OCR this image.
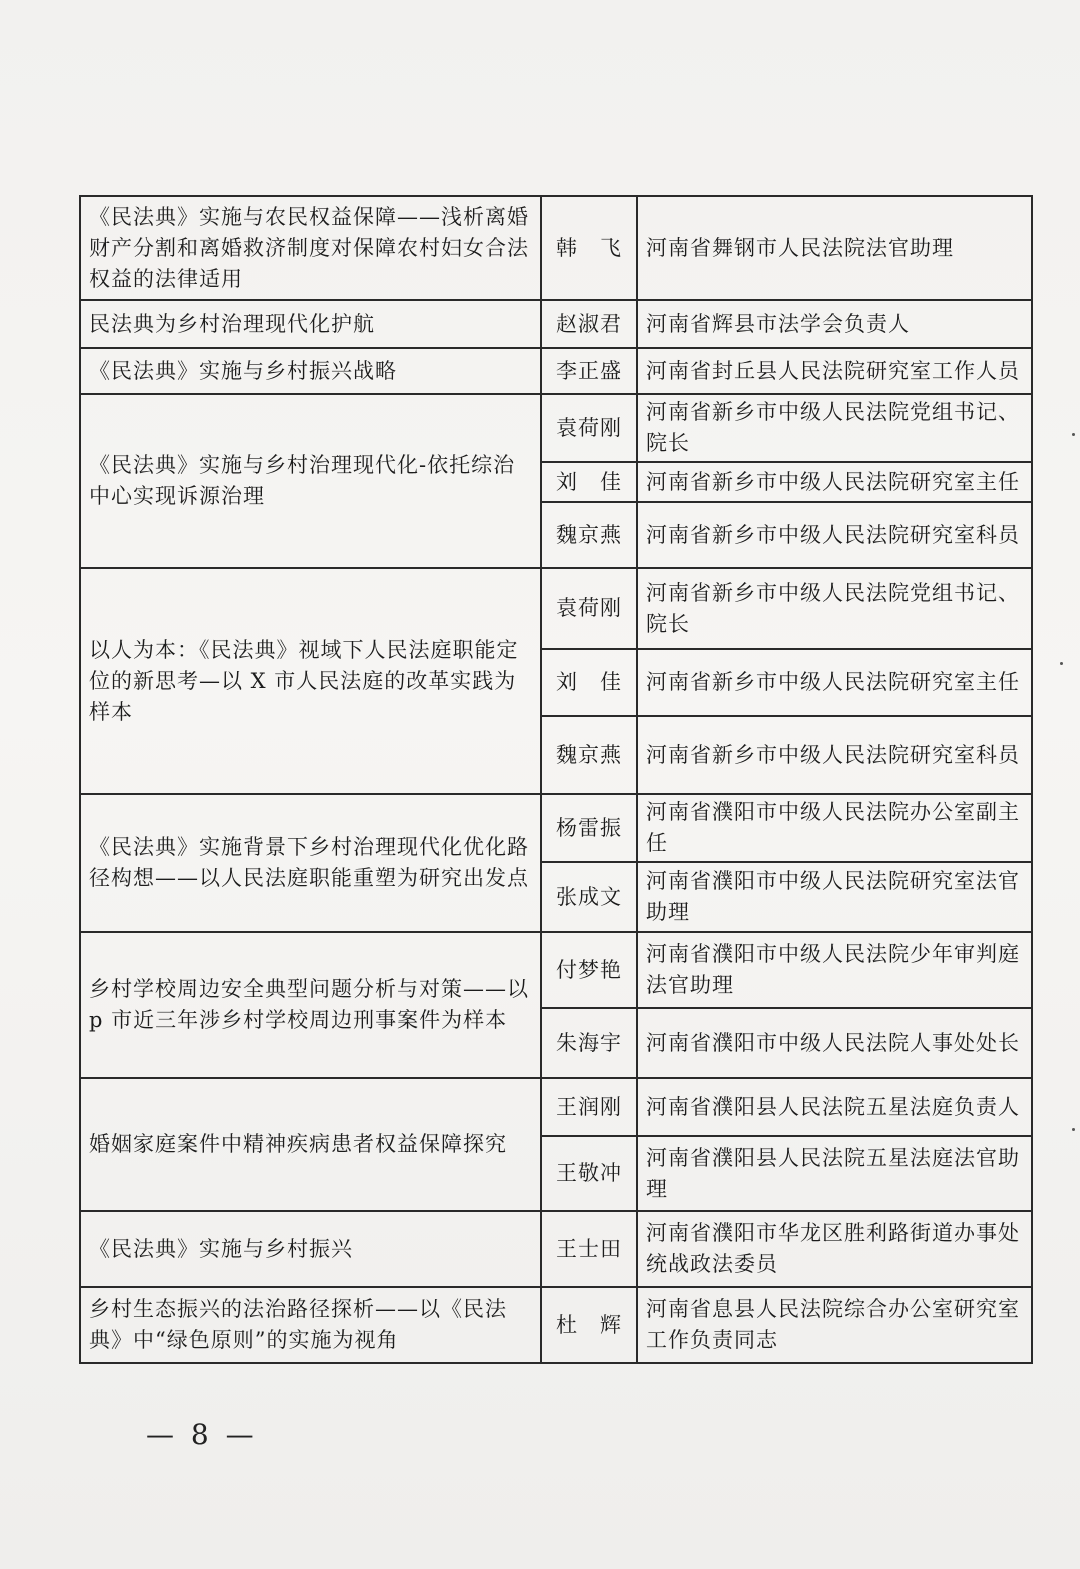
《民法典》实施与农民权益保障——浅析离婚财产分割和离婚救济制度对保障农村妇女合法权益的法律适用	韩　飞	河南省舞钢市人民法院法官助理
民法典为乡村治理现代化护航	赵淑君	河南省辉县市法学会负责人
《民法典》实施与乡村振兴战略	李正盛	河南省封丘县人民法院研究室工作人员
《民法典》实施与乡村治理现代化-依托综治中心实现诉源治理	袁荷刚	河南省新乡市中级人民法院党组书记、院长
	刘　佳	河南省新乡市中级人民法院研究室主任
	魏京燕	河南省新乡市中级人民法院研究室科员
以人为本：《民法典》视域下人民法庭职能定位的新思考—以 X 市人民法庭的改革实践为样本	袁荷刚	河南省新乡市中级人民法院党组书记、院长
	刘　佳	河南省新乡市中级人民法院研究室主任
	魏京燕	河南省新乡市中级人民法院研究室科员
《民法典》实施背景下乡村治理现代化优化路径构想——以人民法庭职能重塑为研究出发点	杨雷振	河南省濮阳市中级人民法院办公室副主任
	张成文	河南省濮阳市中级人民法院研究室法官助理
乡村学校周边安全典型问题分析与对策——以 p 市近三年涉乡村学校周边刑事案件为样本	付梦艳	河南省濮阳市中级人民法院少年审判庭法官助理
	朱海宇	河南省濮阳市中级人民法院人事处处长
婚姻家庭案件中精神疾病患者权益保障探究	王润刚	河南省濮阳县人民法院五星法庭负责人
	王敬冲	河南省濮阳县人民法院五星法庭法官助理
《民法典》实施与乡村振兴	王士田	河南省濮阳市华龙区胜利路街道办事处统战政法委员
乡村生态振兴的法治路径探析——以《民法典》中“绿色原则”的实施为视角	杜　辉	河南省息县人民法院综合办公室研究室工作负责同志
— 8 —
